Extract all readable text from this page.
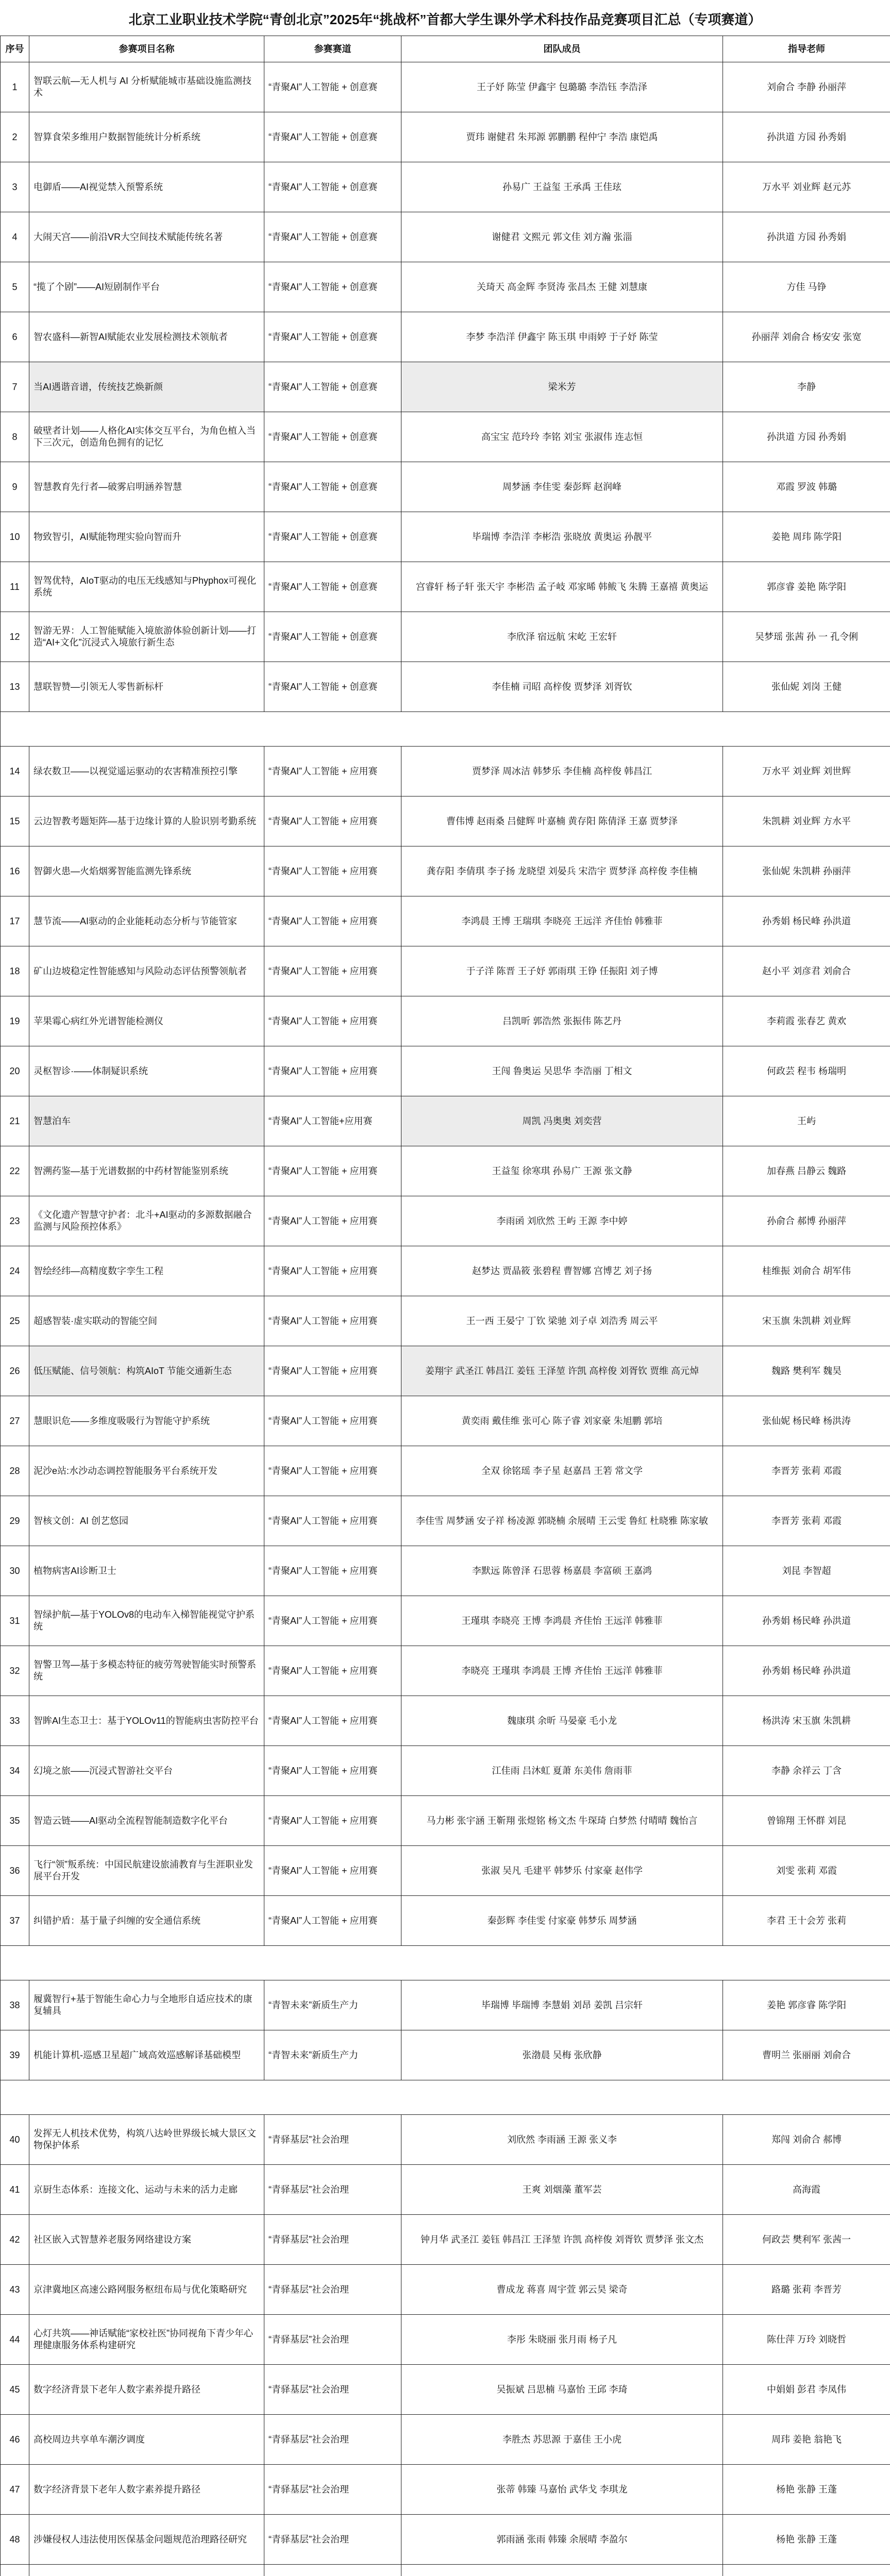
北京工业职业技术学院“青创北京”2025年“挑战杯”首都大学生课外学术科技作品竞赛项目汇总（专项赛道）
序号	参赛项目名称	参赛赛道	团队成员	指导老师
1	智联云航—无人机与 AI 分析赋能城市基础设施监测技术	“青聚AI”人工智能 + 创意赛	王子妤 陈莹 伊鑫宇 包璐璐 李浩钰 李浩泽	刘俞合 李静 孙丽萍
2	智算食荣多维用户数据智能统计分析系统	“青聚AI”人工智能 + 创意赛	贾玮 谢健君 朱邦源 郭鹏鹏 程仲宁 李浩 康铠禹	孙洪道 方园 孙秀娟
3	电御盾——AI视觉禁入预警系统	“青聚AI”人工智能 + 创意赛	孙易广 王益玺 王承禹 王佳玹	万水平 刘业辉 赵元苏
4	大闹天宫——前沿VR大空间技术赋能传统名著	“青聚AI”人工智能 + 创意赛	谢健君 文熙元 郭文佳 刘方瀚 张淄	孙洪道 方园 孙秀娟
5	“揽了个剧”——AI短剧制作平台	“青聚AI”人工智能 + 创意赛	关琦天 高金辉 李贤涛 张昌杰 王健 刘慧康	方佳 马铮
6	智农盛科—新智AI赋能农业发展检测技术领航者	“青聚AI”人工智能 + 创意赛	李梦 李浩洋 伊鑫宇 陈玉琪 申雨婷 于子妤 陈莹	孙丽萍 刘俞合 杨安安 张宽
7	当AI遇谐音谱，传统技艺焕新颜	“青聚AI”人工智能 + 创意赛	梁米芳	李静
8	破壁者计划——人格化AI实体交互平台，为角色植入当下三次元，创造角色拥有的记忆	“青聚AI”人工智能 + 创意赛	高宝宝 范玲玲 李铭 刘宝 张淑伟 连志恒	孙洪道 方园 孙秀娟
9	智慧教育先行者—破雾启明涵养智慧	“青聚AI”人工智能 + 创意赛	周梦涵 李佳雯 秦彭辉 赵润峰	邓霞 罗波 韩璐
10	物致智引，AI赋能物理实验向智而升	“青聚AI”人工智能 + 创意赛	毕瑞博 李浩洋 李彬浩 张晓放 黄奥运 孙靓平	姜艳 周玮 陈学阳
11	智驾优特，AIoT驱动的电压无线感知与Phyphox可视化系统	“青聚AI”人工智能 + 创意赛	宫睿轩 杨子轩 张天宇 李彬浩 孟子岐 邓家晞 韩鲅飞 朱腾 王嘉禧 黄奥运	郭彦睿 姜艳 陈学阳
12	智游无界：人工智能赋能入境旅游体验创新计划——打造“AI+文化”沉浸式入境旅行新生态	“青聚AI”人工智能 + 创意赛	李欣泽 宿远航 宋屹 王宏轩	吴梦瑶 张茜 孙 一 孔令俐
13	慧联智赞—引领无人零售新标杆	“青聚AI”人工智能 + 创意赛	李佳楠 司昭 高梓俊 贾梦泽 刘胥钦	张仙妮 刘岗 王健

14	绿农数卫——以视觉遥运驱动的农害精准预控引擎	“青聚AI”人工智能 + 应用赛	贾梦泽 周冰洁 韩梦乐 李佳楠 高梓俊 韩昌江	万水平 刘业辉 刘世辉
15	云边智教考题矩阵—基于边缘计算的人脸识别考勤系统	“青聚AI”人工智能 + 应用赛	曹伟博 赵雨桑 吕健辉 叶嘉楠 黄存阳 陈倩泽 王嘉 贾梦泽	朱凯耕 刘业辉 方水平
16	智御火患—火焰烟雾智能监测先锋系统	“青聚AI”人工智能 + 应用赛	龚存阳 李倩琪 李子扬 龙晓望 刘晏兵 宋浩宇 贾梦泽 高梓俊 李佳楠	张仙妮 朱凯耕 孙丽萍
17	慧节流——AI驱动的企业能耗动态分析与节能管家	“青聚AI”人工智能 + 应用赛	李鸿晨 王博 王瑞琪 李晓亮 王远洋 齐佳怡 韩雅菲	孙秀娟 杨民峰 孙洪道
18	矿山边坡稳定性智能感知与风险动态评估预警领航者	“青聚AI”人工智能 + 应用赛	于子洋 陈晋 王子妤 郭雨琪 王铮 任振阳 刘子博	赵小平 刘彦君 刘俞合
19	苹果霉心病红外光谱智能检测仪	“青聚AI”人工智能 + 应用赛	吕凯昕 郭浩然 张振伟 陈艺丹	李莉霞 张春艺 黄欢
20	灵枢智诊·——体制疑识系统	“青聚AI”人工智能 + 应用赛	王闯 鲁奥运 吴思华 李浩丽 丁相文	何政芸 程韦 杨瑞明
21	智慧泊车	“青聚AI”人工智能+应用赛	周凯 冯奥奥 刘奕营	王屿
22	智溯药鉴—基于光谱数据的中药材智能鉴别系统	“青聚AI”人工智能 + 应用赛	王益玺 徐寒琪 孙易广 王源 张文静	加春燕 吕静云 魏路
23	《文化遗产智慧守护者：北斗+AI驱动的多源数据融合监测与风险预控体系》	“青聚AI”人工智能 + 应用赛	李雨函 刘欣然 王屿 王源 李中婷	孙俞合 郝博 孙丽萍
24	智绘经纬—高精度数字孪生工程	“青聚AI”人工智能 + 应用赛	赵梦达 贾晶筱 张碧程 曹智娜 宫博艺 刘子扬	桂维振 刘俞合 胡军伟
25	超感智装·虚实联动的智能空间	“青聚AI”人工智能 + 应用赛	王一西 王晏宁 丁钦 梁驰 刘子卓 刘浩秀 周云平	宋玉旗 朱凯耕 刘业辉
26	低压赋能、信号领航：构筑AIoT 节能交通新生态	“青聚AI”人工智能 + 应用赛	姜翔宇 武圣江 韩昌江 姜钰 王泽堃 许凯 高梓俊 刘胥钦 贾维 高元焯	魏路 樊利军 魏昊
27	慧眼识危——多维度吸吸行为智能守护系统	“青聚AI”人工智能 + 应用赛	黄奕雨 戴佳维 张可心 陈子睿 刘家豪 朱旭鹏 郭培	张仙妮 杨民峰 杨洪涛
28	泥沙e站:水沙动态调控智能服务平台系统开发	“青聚AI”人工智能 + 应用赛	全双 徐铭瑶 李子星 赵嘉昌 王箬 常文学	李晋芳 张莉 邓霞
29	智核文创：AI 创艺悠园	“青聚AI”人工智能 + 应用赛	李佳雪 周梦涵 安子祥 杨凌源 郭晓楠 余展晴 王云雯 鲁紅 杜晓雅 陈家敏	李晋芳 张莉 邓霞
30	植物病害AI诊断卫士	“青聚AI”人工智能 + 应用赛	李默远 陈曾泽 石思蓉 杨嘉晨 李富硕 王嘉鸿	刘昆 李智超
31	智绿护航—基于YOLOv8的电动车入梯智能视觉守护系统	“青聚AI”人工智能 + 应用赛	王瑾琪 李晓亮 王博 李鸿晨 齐佳怡 王远洋 韩雅菲	孙秀娟 杨民峰 孙洪道
32	智警卫驾—基于多模态特征的疲劳驾驶智能实时预警系统	“青聚AI”人工智能 + 应用赛	李晓亮 王瑾琪 李鸿晨 王博 齐佳怡 王远洋 韩雅菲	孙秀娟 杨民峰 孙洪道
33	智眸AI生态卫士：基于YOLOv11的智能病虫害防控平台	“青聚AI”人工智能 + 应用赛	魏康琪 余昕 马晏豪 毛小龙	杨洪涛 宋玉旗 朱凯耕
34	幻境之旅——沉浸式智游社交平台	“青聚AI”人工智能 + 应用赛	江佳雨 吕沐虹 夏萧 东美伟 詹雨菲	李静 余祥云 丁含
35	智造云链——AI驱动全流程智能制造数字化平台	“青聚AI”人工智能 + 应用赛	马力彬 张宇涵 王靳翔 张煜铭 杨文杰 牛琛琦 白梦然 付晴晴 魏怡言	曾锦翔 王怀群 刘昆
36	飞行“领”叛系统：中国民航建设旅浦教育与生涯职业发展平台开发	“青聚AI”人工智能 + 应用赛	张淑 吴凡 毛建平 韩梦乐 付家豪 赵伟学	刘雯 张莉 邓霞
37	纠错护盾：基于量子纠缠的安全通信系统	“青聚AI”人工智能 + 应用赛	秦彭辉 李佳雯 付家豪 韩梦乐 周梦涵	李君 王十会芳 张莉

38	履冀智行+基于智能生命心力与全地形自适应技术的康复辅具	“青智未来”新质生产力	毕瑞博 毕瑞博 李慧娟 刘昂 姜凯 吕宗轩	姜艳 郭彦睿 陈学阳
39	机能计算机-巡感卫星超广域高效巡感解译基础模型	“青智未来”新质生产力	张渤晨 吴梅 张欣静	曹明兰 张丽丽 刘俞合

40	发挥无人机技术优势，构筑八达岭世界级长城大景区文物保护体系	“青驿基层”社会治理	刘欣然 李雨涵 王源 张义李	郑闯 刘俞合 郝博
41	京厨生态体系：连接文化、运动与未来的活力走廊	“青驿基层”社会治理	王爽 刘烟藻 董军芸	高海霞
42	社区嵌入式智慧养老服务网络建设方案	“青驿基层”社会治理	钟月华 武圣江 姜钰 韩昌江 王泽堃 许凯 高梓俊 刘胥钦 贾梦泽 张文杰	何政芸 樊利军 张茜一
43	京津冀地区高速公路网服务枢纽布局与优化策略研究	“青驿基层”社会治理	曹成龙 蒋喜 周宇萱 郭云昊 梁奇	路璐 张莉 李晋芳
44	心灯共筑——神话赋能“家校社医”协同视角下青少年心理健康服务体系构建研究	“青驿基层”社会治理	李彤 朱晓丽 张月雨 杨子凡	陈仕萍 万玲 刘晓哲
45	数字经济背景下老年人数字素养提升路径	“青驿基层”社会治理	吴振斌 吕思楠 马嘉怡 王邱 李琦	中娟娟 彭君 李凤伟
46	高校周边共享单车潮汐调度	“青驿基层”社会治理	李胜杰 苏思源 于嘉佳 王小虎	周玮 姜艳 翁艳飞
47	数字经济背景下老年人数字素养提升路径	“青驿基层”社会治理	张蒂 韩臻 马嘉怡 武华戈 李琪龙	杨艳 张静 王蓬
48	涉嫌侵权人违法使用医保基金问题规范治理路径研究	“青驿基层”社会治理	郭雨涵 张雨 韩臻 余展晴 李盈尔	杨艳 张静 王蓬
